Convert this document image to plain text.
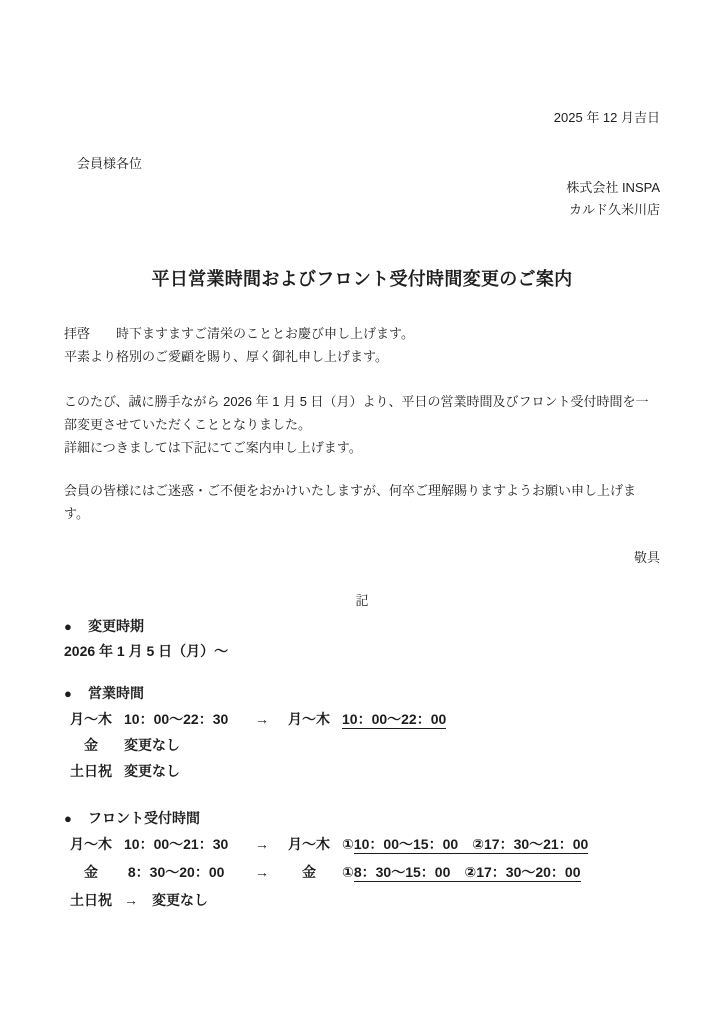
2025 年 12 月吉日
会員様各位
株式会社 INSPA
カルド久米川店
平日営業時間およびフロント受付時間変更のご案内

拝啓 時下ますますご清栄のこととお慶び申し上げます。

平素より格別のご愛顧を賜り、厚く御礼申し上げます。

このたび、誠に勝手ながら 2026 年 1 月 5 日（月）より、平日の営業時間及びフロント受付時間を一部変更させていただくこととなりました。

詳細につきましては下記にてご案内申し上げます。

会員の皆様にはご迷惑・ご不便をおかけいたしますが、何卒ご理解賜りますようお願い申し上げます。

敬具
記
●	変更時期
2026 年 1 月 5 日（月）～
●	営業時間
月～木 10：00～22：30	→	月～木 10：00～22：00
金	変更なし
土日祝 変更なし
●	フロント受付時間
月～木 10：00～21：30	→	月～木 ①10：00～15：00　②17：30～21：00
金	8：30～20：00	→	金	①8：30～15：00　②17：30～20：00
土日祝 →　変更なし
